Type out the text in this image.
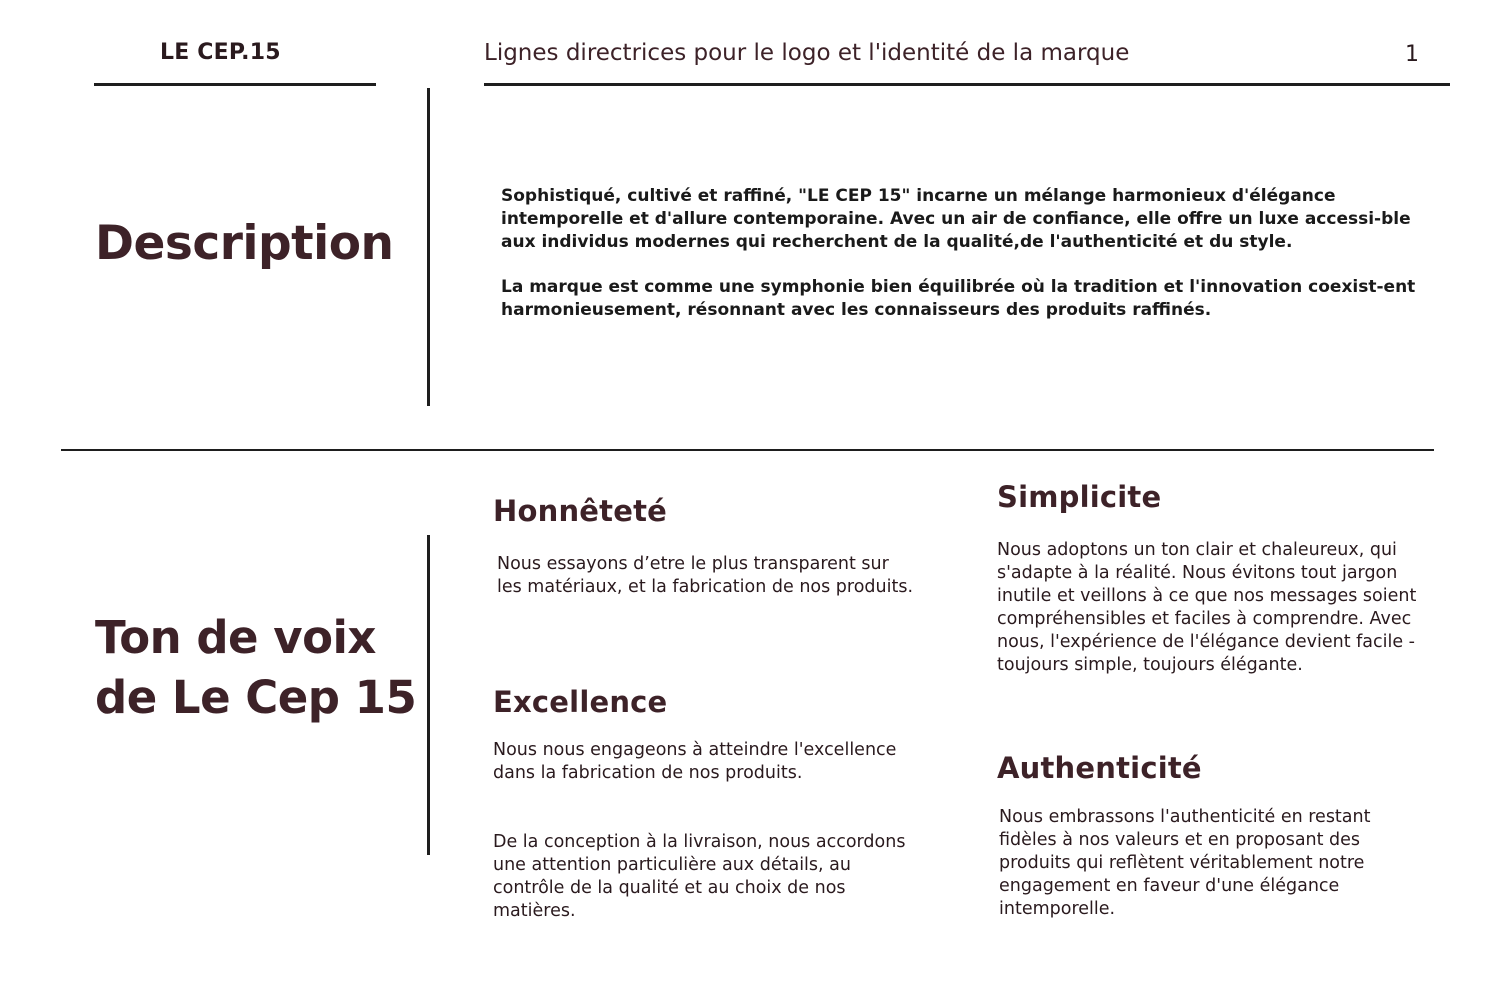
LE CEP.15	Lignes directrices pour le logo et l'identité de la marque	1
Description

Sophistiqué, cultivé et raffiné, "LE CEP 15" incarne un mélange harmonieux d'élégance intemporelle et d'allure contemporaine. Avec un air de confiance, elle offre un luxe accessi-ble aux individus modernes qui recherchent de la qualité,de l'authenticité et du style.

La marque est comme une symphonie bien équilibrée où la tradition et l'innovation coexist-ent harmonieusement, résonnant avec les connaisseurs des produits raffinés.

Ton de voix de Le Cep 15
Honnêteté

Nous essayons d’etre le plus transparent sur les matériaux, et la fabrication de nos produits.

Excellence

Nous nous engageons à atteindre l'excellence dans la fabrication de nos produits.

De la conception à la livraison, nous accordons une attention particulière aux détails, au contrôle de la qualité et au choix de nos matières.

Simplicite

Nous adoptons un ton clair et chaleureux, qui s'adapte à la réalité. Nous évitons tout jargon inutile et veillons à ce que nos messages soient compréhensibles et faciles à comprendre. Avec nous, l'expérience de l'élégance devient facile - toujours simple, toujours élégante.

Authenticité

Nous embrassons l'authenticité en restant fidèles à nos valeurs et en proposant des produits qui reflètent véritablement notre engagement en faveur d'une élégance intemporelle.
